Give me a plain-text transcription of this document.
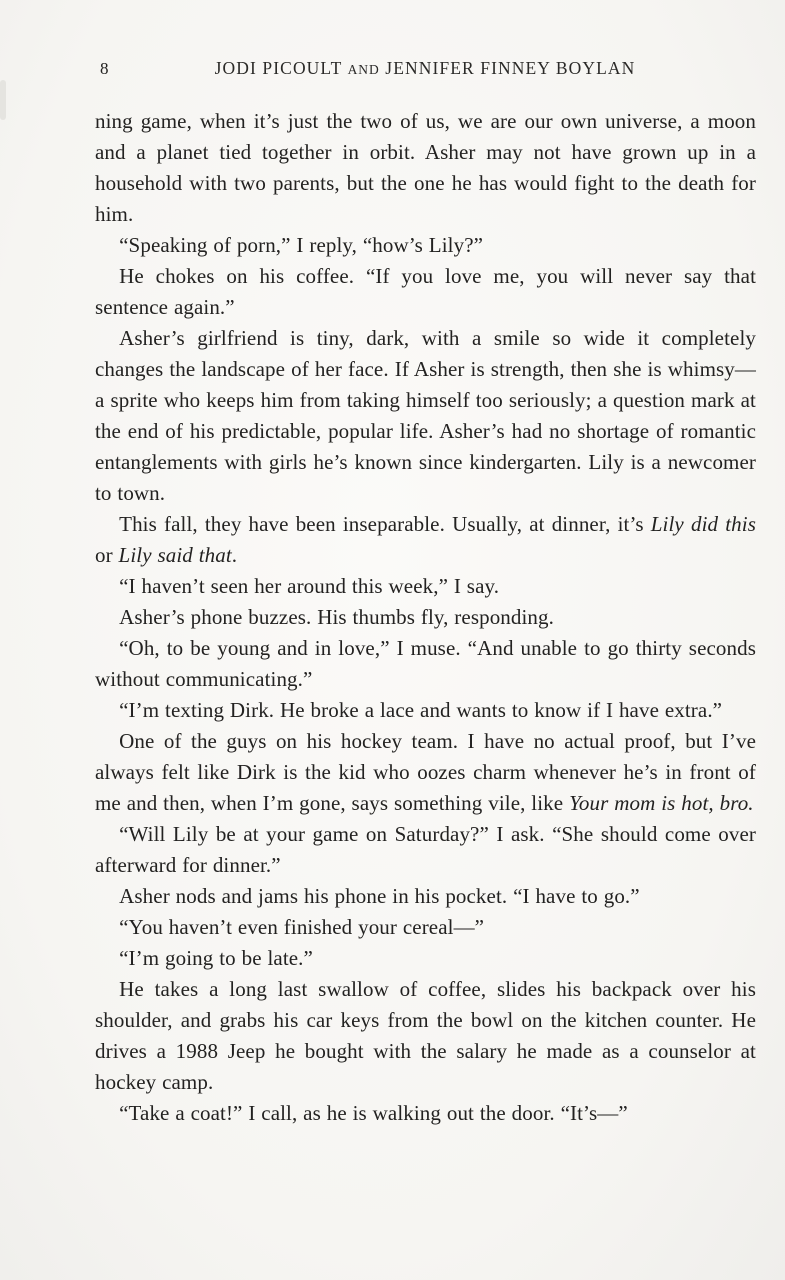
8	JODI PICOULT AND JENNIFER FINNEY BOYLAN

ning game, when it’s just the two of us, we are our own universe, a moon and a planet tied together in orbit. Asher may not have grown up in a household with two parents, but the one he has would fight to the death for him.

“Speaking of porn,” I reply, “how’s Lily?”

He chokes on his coffee. “If you love me, you will never say that sentence again.”

Asher’s girlfriend is tiny, dark, with a smile so wide it completely changes the landscape of her face. If Asher is strength, then she is whimsy—a sprite who keeps him from taking himself too seriously; a question mark at the end of his predictable, popular life. Asher’s had no shortage of romantic entanglements with girls he’s known since kindergarten. Lily is a newcomer to town.

This fall, they have been inseparable. Usually, at dinner, it’s Lily did this or Lily said that.

“I haven’t seen her around this week,” I say.

Asher’s phone buzzes. His thumbs fly, responding.

“Oh, to be young and in love,” I muse. “And unable to go thirty seconds without communicating.”

“I’m texting Dirk. He broke a lace and wants to know if I have extra.”

One of the guys on his hockey team. I have no actual proof, but I’ve always felt like Dirk is the kid who oozes charm whenever he’s in front of me and then, when I’m gone, says something vile, like Your mom is hot, bro.

“Will Lily be at your game on Saturday?” I ask. “She should come over afterward for dinner.”

Asher nods and jams his phone in his pocket. “I have to go.”

“You haven’t even finished your cereal—”

“I’m going to be late.”

He takes a long last swallow of coffee, slides his backpack over his shoulder, and grabs his car keys from the bowl on the kitchen counter. He drives a 1988 Jeep he bought with the salary he made as a counselor at hockey camp.

“Take a coat!” I call, as he is walking out the door. “It’s—”
